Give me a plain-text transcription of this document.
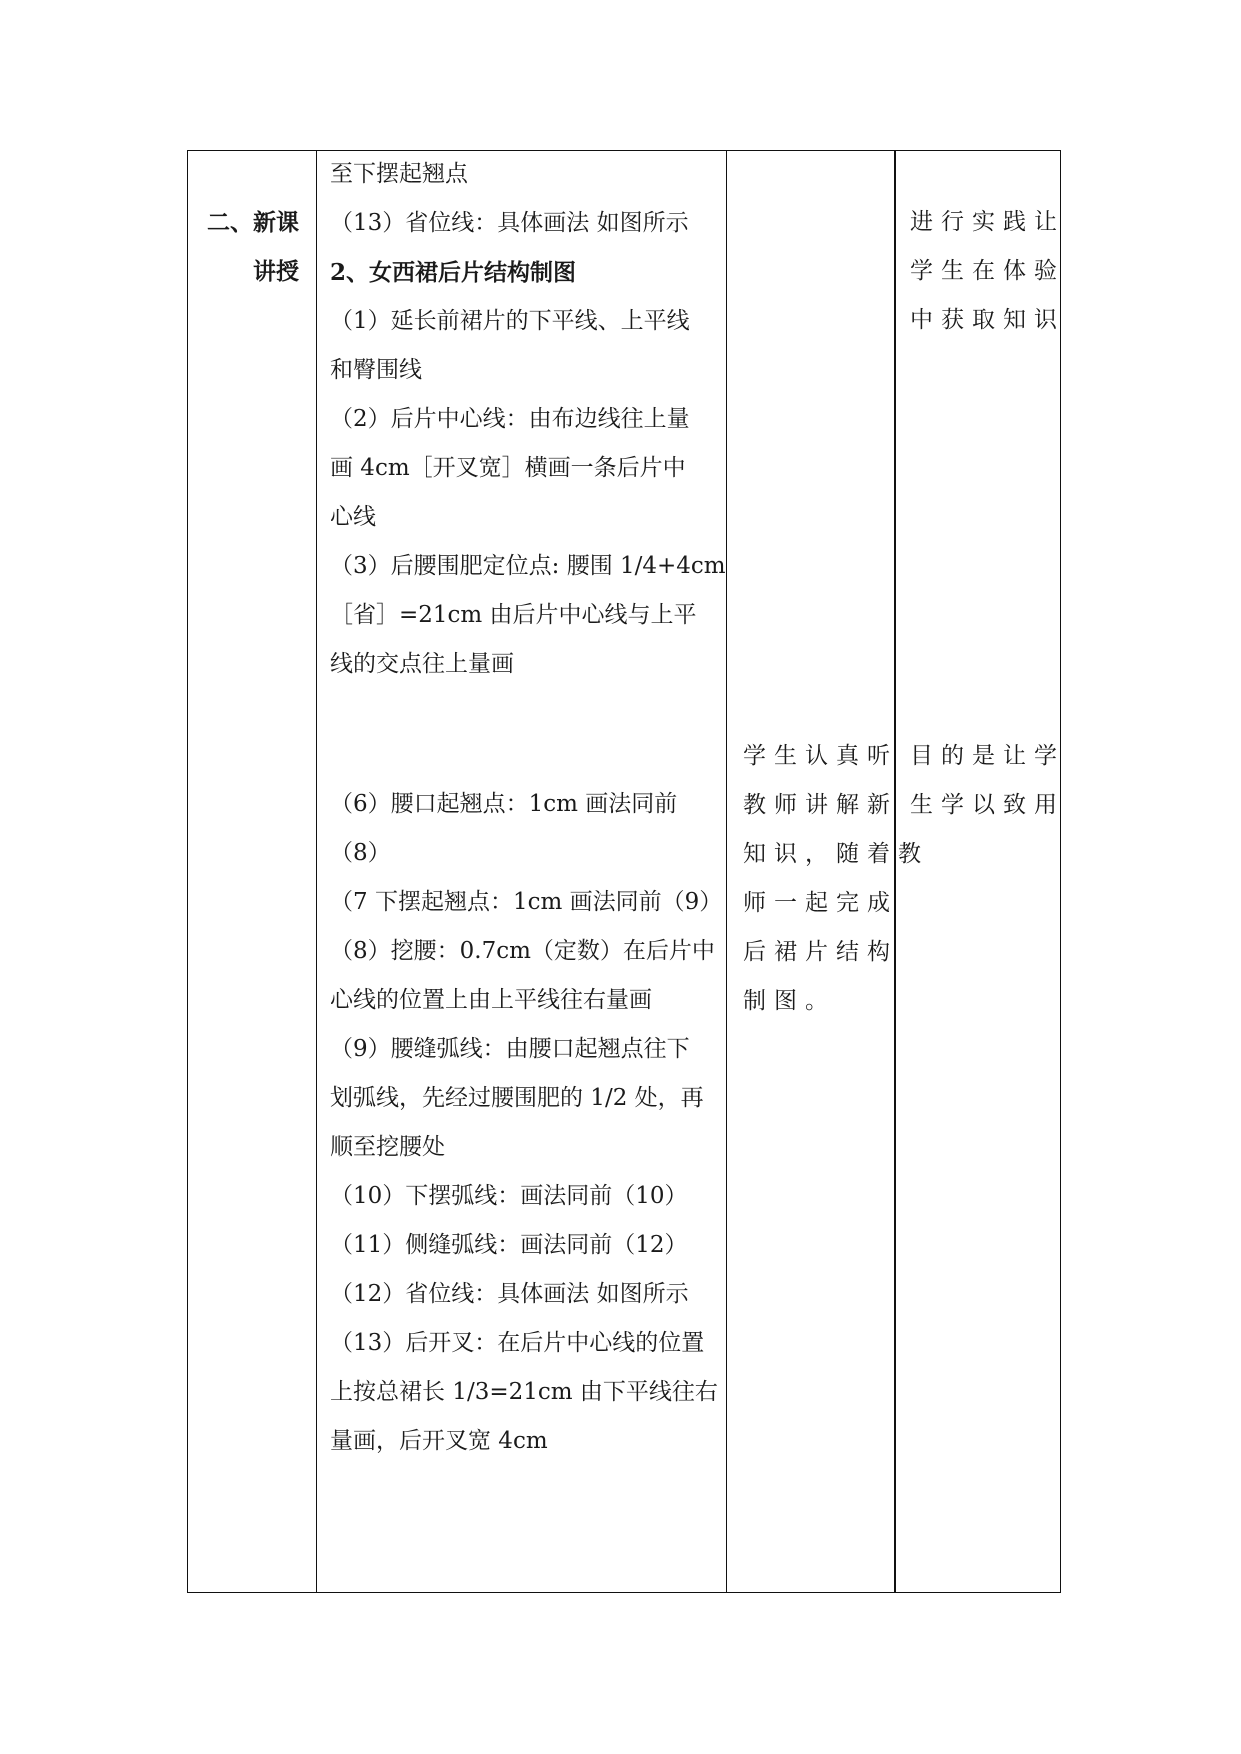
二、新课
讲授
至下摆起翘点
（13）省位线：具体画法 如图所示
2、女西裙后片结构制图
（1）延长前裙片的下平线、上平线
和臀围线
（2）后片中心线：由布边线往上量
画 4cm［开叉宽］横画一条后片中
心线
（3）后腰围肥定位点: 腰围 1/4+4cm
［省］=21cm 由后片中心线与上平
线的交点往上量画
（6）腰口起翘点：1cm 画法同前
（8）
（7 下摆起翘点：1cm 画法同前（9）
（8）挖腰：0.7cm（定数）在后片中
心线的位置上由上平线往右量画
（9）腰缝弧线：由腰口起翘点往下
划弧线，先经过腰围肥的 1/2 处，再
顺至挖腰处
（10）下摆弧线：画法同前（10）
（11）侧缝弧线：画法同前（12）
（12）省位线：具体画法 如图所示
（13）后开叉：在后片中心线的位置
上按总裙长 1/3=21cm 由下平线往右
量画，后开叉宽 4cm
学生认真听
教师讲解新
知识，随着教
师一起完成
后裙片结构
制图。
进行实践让
学生在体验
中获取知识
目的是让学
生学以致用
